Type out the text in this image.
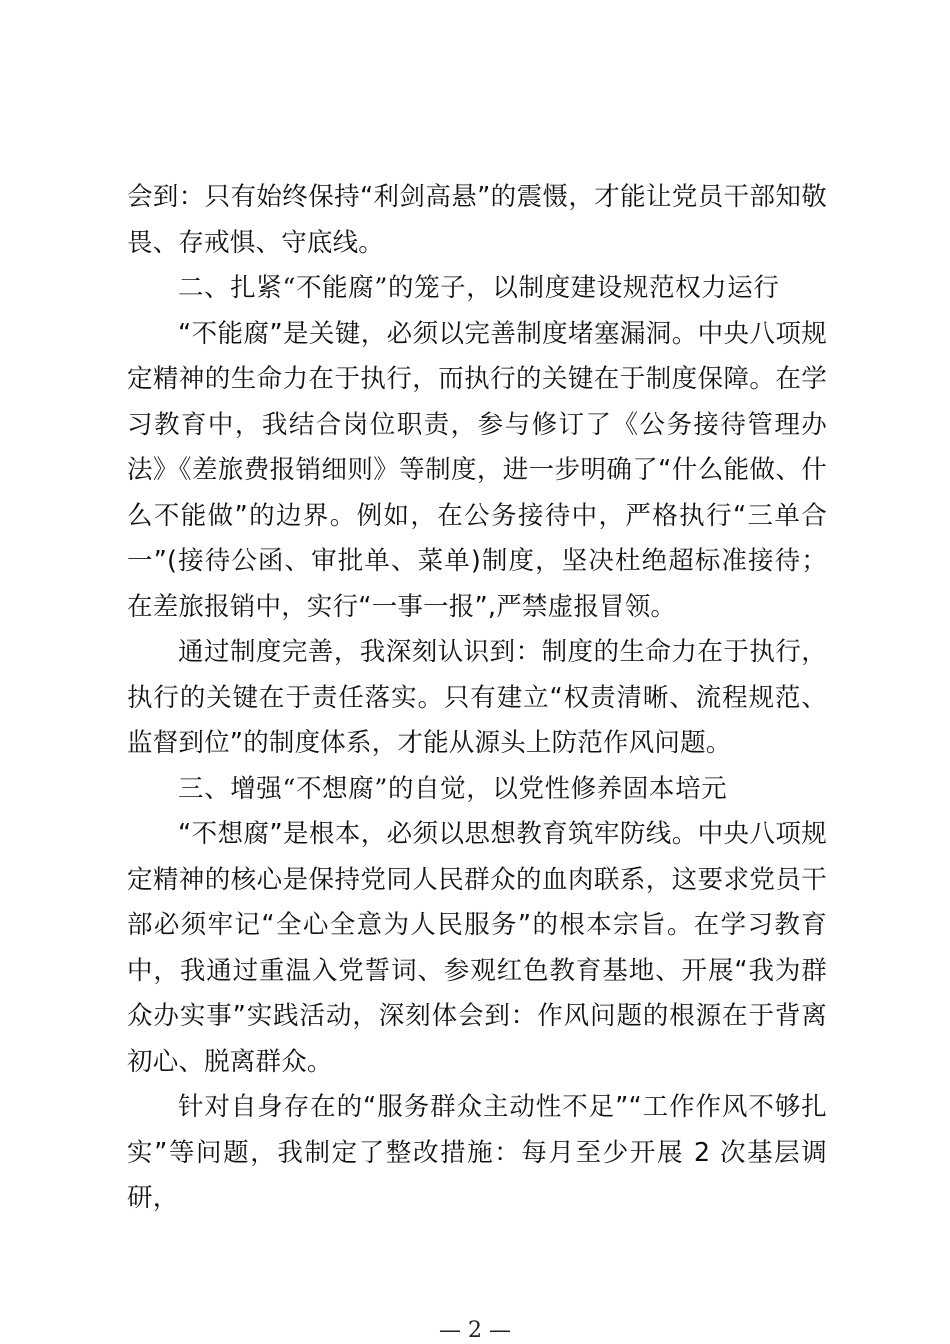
会到：只有始终保持“利剑高悬”的震慑，才能让党员干部知敬畏、存戒惧、守底线。

二、扎紧“不能腐”的笼子，以制度建设规范权力运行

“不能腐”是关键，必须以完善制度堵塞漏洞。中央八项规定精神的生命力在于执行，而执行的关键在于制度保障。在学习教育中，我结合岗位职责，参与修订了《公务接待管理办法》《差旅费报销细则》等制度，进一步明确了“什么能做、什么不能做”的边界。例如，在公务接待中，严格执行“三单合一”(接待公函、审批单、菜单)制度，坚决杜绝超标准接待；在差旅报销中，实行“一事一报”,严禁虚报冒领。

通过制度完善，我深刻认识到：制度的生命力在于执行，执行的关键在于责任落实。只有建立“权责清晰、流程规范、监督到位”的制度体系，才能从源头上防范作风问题。

三、增强“不想腐”的自觉，以党性修养固本培元

“不想腐”是根本，必须以思想教育筑牢防线。中央八项规定精神的核心是保持党同人民群众的血肉联系，这要求党员干部必须牢记“全心全意为人民服务”的根本宗旨。在学习教育中，我通过重温入党誓词、参观红色教育基地、开展“我为群众办实事”实践活动，深刻体会到：作风问题的根源在于背离初心、脱离群众。

针对自身存在的“服务群众主动性不足”“工作作风不够扎实”等问题，我制定了整改措施：每月至少开展 2 次基层调研，

— 2 —
